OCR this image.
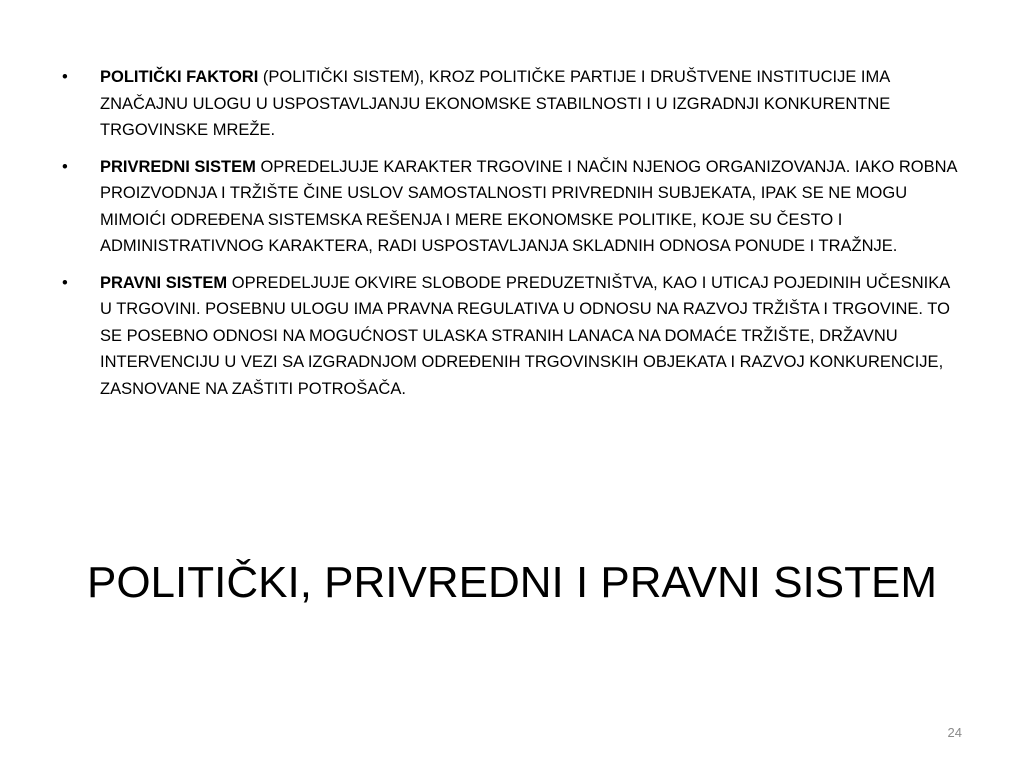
• POLITIČKI FAKTORI (POLITIČKI SISTEM), KROZ POLITIČKE PARTIJE I DRUŠTVENE INSTITUCIJE IMA ZNAČAJNU ULOGU U USPOSTAVLJANJU EKONOMSKE STABILNOSTI I U IZGRADNJI KONKURENTNE TRGOVINSKE MREŽE.
• PRIVREDNI SISTEM OPREDELJUJE KARAKTER TRGOVINE I NAČIN NJENOG ORGANIZOVANJA. IAKO ROBNA PROIZVODNJA I TRŽIŠTE ČINE USLOV SAMOSTALNOSTI PRIVREDNIH SUBJEKATA, IPAK SE NE MOGU MIMOIĆI ODREĐENA SISTEMSKA REŠENJA I MERE EKONOMSKE POLITIKE, KOJE SU ČESTO I ADMINISTRATIVNOG KARAKTERA, RADI USPOSTAVLJANJA SKLADNIH ODNOSA PONUDE I TRAŽNJE.
• PRAVNI SISTEM OPREDELJUJE OKVIRE SLOBODE PREDUZETNIŠTVA, KAO I UTICAJ POJEDINIH UČESNIKA U TRGOVINI. POSEBNU ULOGU IMA PRAVNA REGULATIVA U ODNOSU NA RAZVOJ TRŽIŠTA I TRGOVINE. TO SE POSEBNO ODNOSI NA MOGUĆNOST ULASKA STRANIH LANACA NA DOMAĆE TRŽIŠTE, DRŽAVNU INTERVENCIJU U VEZI SA IZGRADNJOM ODREĐENIH TRGOVINSKIH OBJEKATA I RAZVOJ KONKURENCIJE, ZASNOVANE NA ZAŠTITI POTROŠAČA.
POLITIČKI, PRIVREDNI I PRAVNI SISTEM
24
